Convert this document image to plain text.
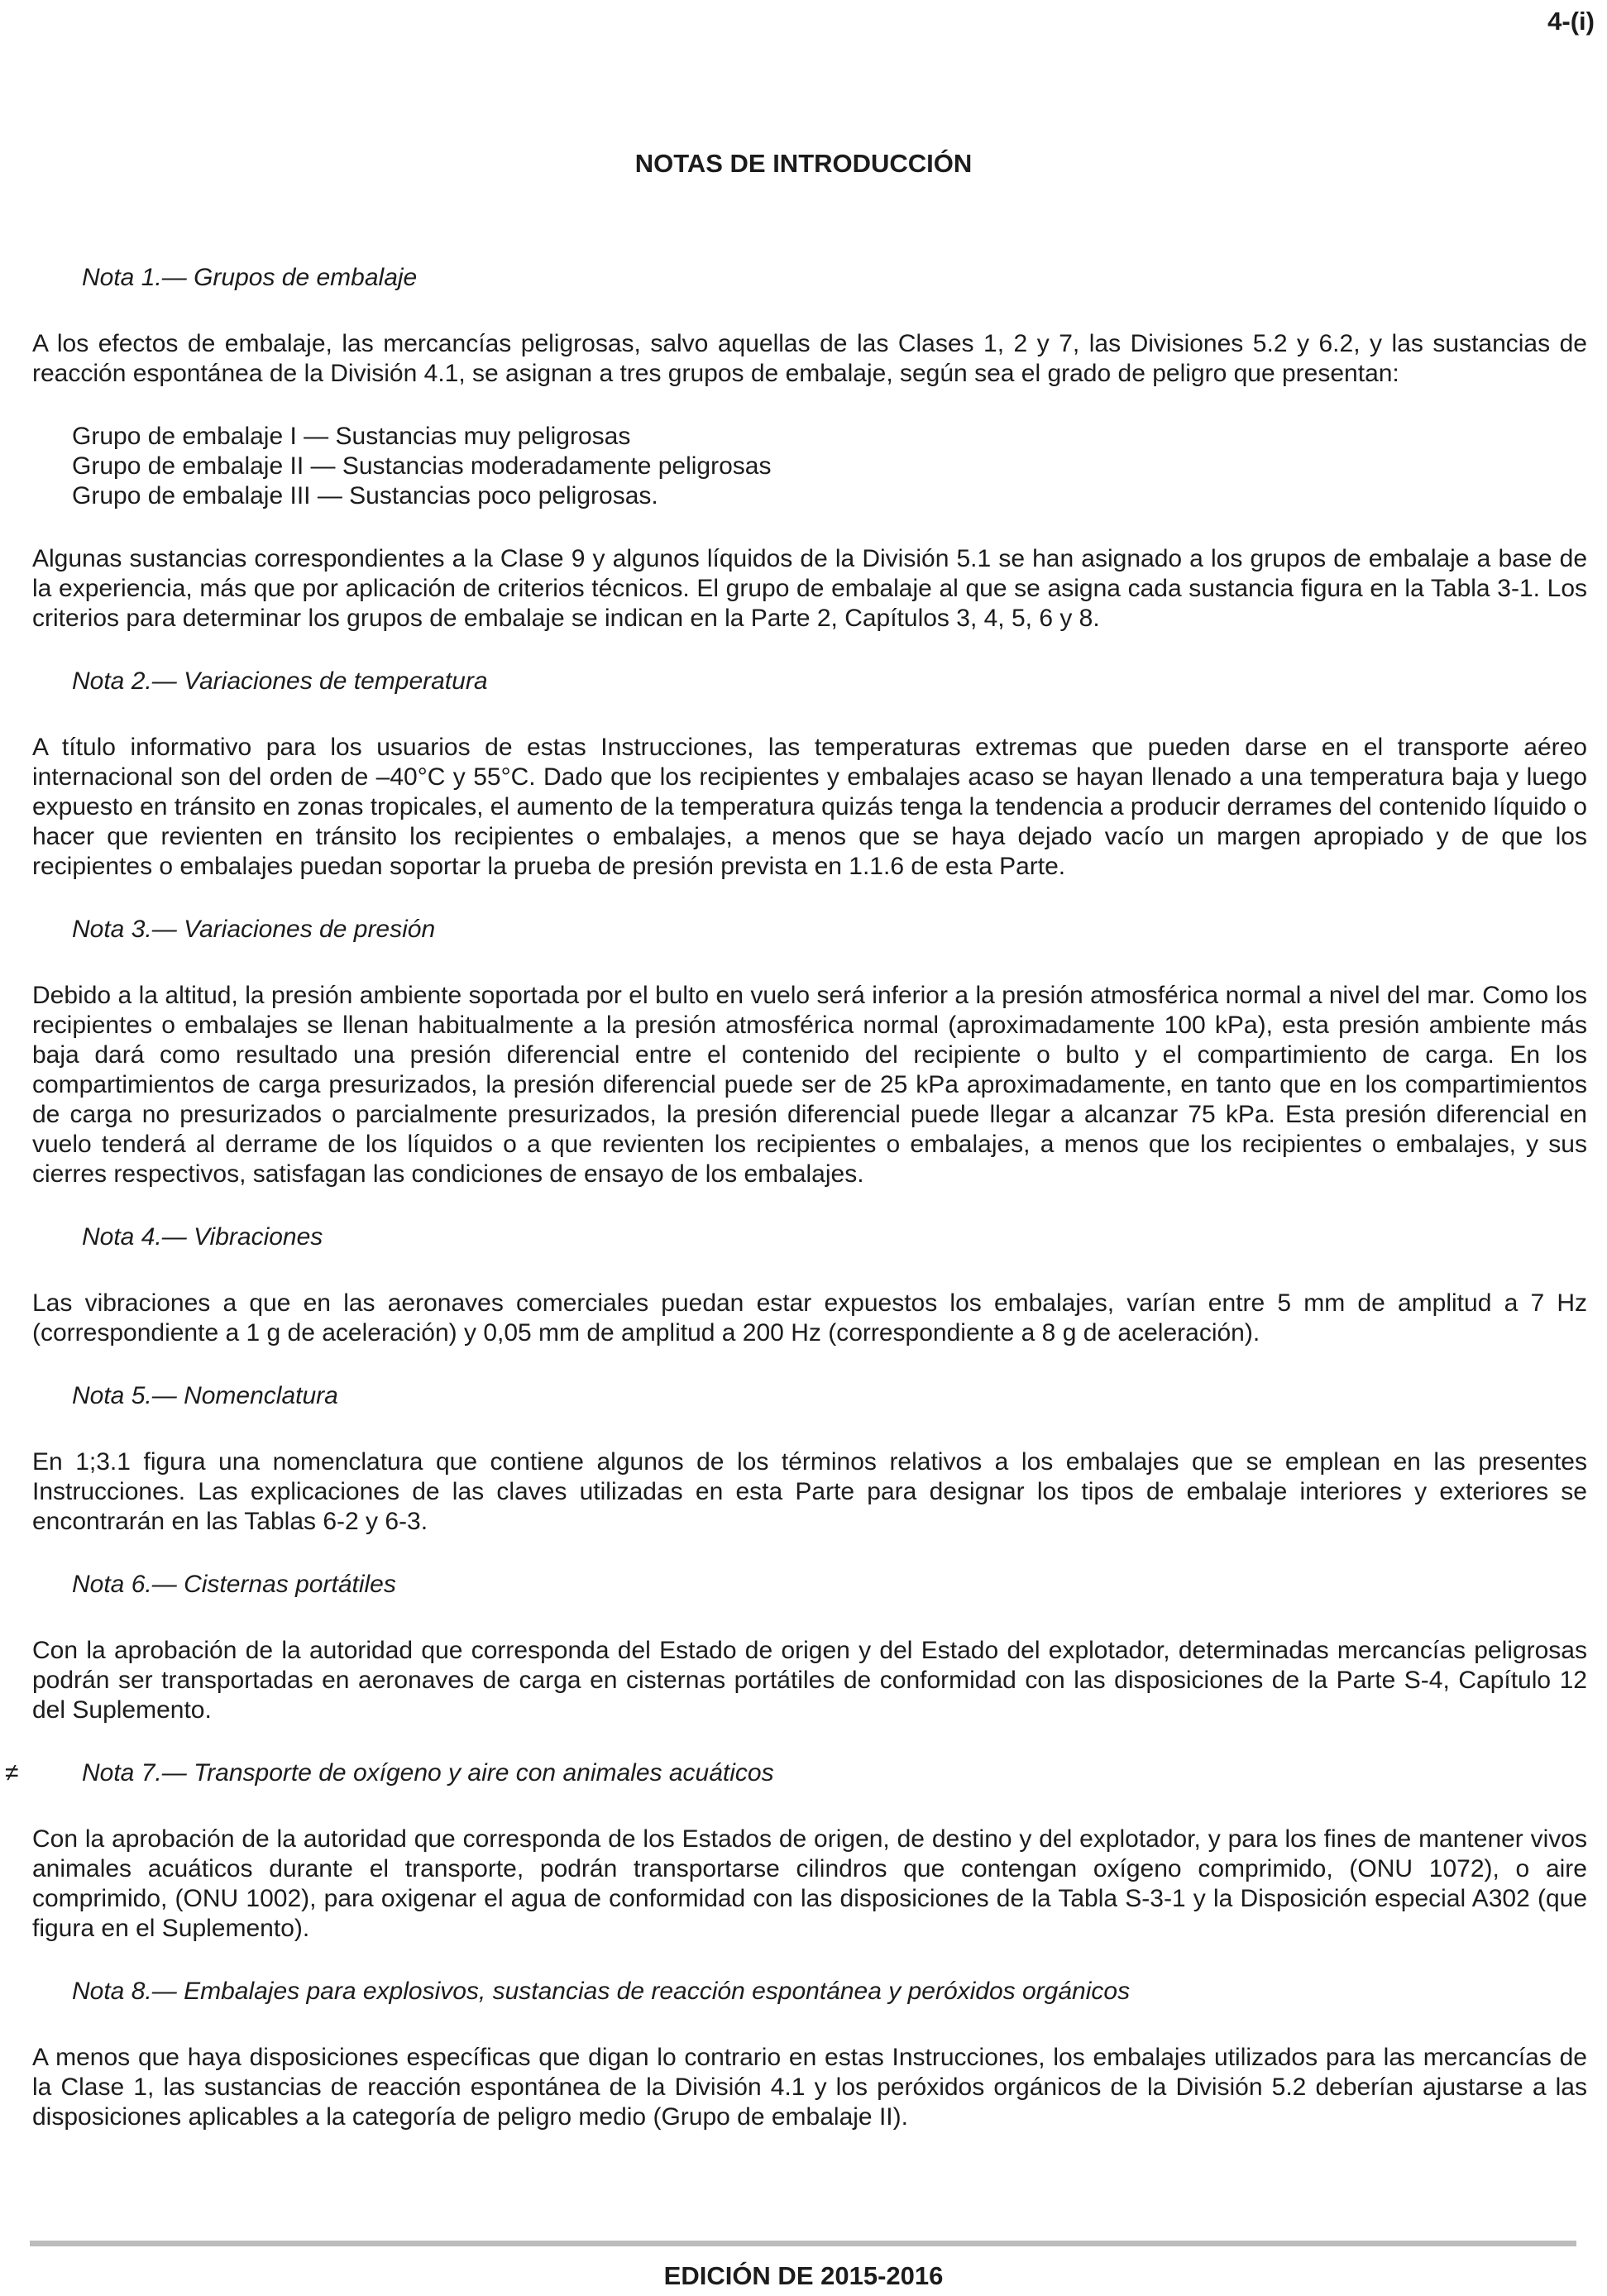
4-(i)
NOTAS DE INTRODUCCIÓN
Nota 1.— Grupos de embalaje

A los efectos de embalaje, las mercancías peligrosas, salvo aquellas de las Clases 1, 2 y 7, las Divisiones 5.2 y 6.2, y las sustancias de reacción espontánea de la División 4.1, se asignan a tres grupos de embalaje, según sea el grado de peligro que presentan:

Grupo de embalaje I — Sustancias muy peligrosas
Grupo de embalaje II — Sustancias moderadamente peligrosas
Grupo de embalaje III — Sustancias poco peligrosas.

Algunas sustancias correspondientes a la Clase 9 y algunos líquidos de la División 5.1 se han asignado a los grupos de embalaje a base de la experiencia, más que por aplicación de criterios técnicos. El grupo de embalaje al que se asigna cada sustancia figura en la Tabla 3-1. Los criterios para determinar los grupos de embalaje se indican en la Parte 2, Capítulos 3, 4, 5, 6 y 8.

Nota 2.— Variaciones de temperatura

A título informativo para los usuarios de estas Instrucciones, las temperaturas extremas que pueden darse en el transporte aéreo internacional son del orden de –40°C y 55°C. Dado que los recipientes y embalajes acaso se hayan llenado a una temperatura baja y luego expuesto en tránsito en zonas tropicales, el aumento de la temperatura quizás tenga la tendencia a producir derrames del contenido líquido o hacer que revienten en tránsito los recipientes o embalajes, a menos que se haya dejado vacío un margen apropiado y de que los recipientes o embalajes puedan soportar la prueba de presión prevista en 1.1.6 de esta Parte.

Nota 3.— Variaciones de presión

Debido a la altitud, la presión ambiente soportada por el bulto en vuelo será inferior a la presión atmosférica normal a nivel del mar. Como los recipientes o embalajes se llenan habitualmente a la presión atmosférica normal (aproximadamente 100 kPa), esta presión ambiente más baja dará como resultado una presión diferencial entre el contenido del recipiente o bulto y el compartimiento de carga. En los compartimientos de carga presurizados, la presión diferencial puede ser de 25 kPa aproximadamente, en tanto que en los compartimientos de carga no presurizados o parcialmente presurizados, la presión diferencial puede llegar a alcanzar 75 kPa. Esta presión diferencial en vuelo tenderá al derrame de los líquidos o a que revienten los recipientes o embalajes, a menos que los recipientes o embalajes, y sus cierres respectivos, satisfagan las condiciones de ensayo de los embalajes.

Nota 4.— Vibraciones

Las vibraciones a que en las aeronaves comerciales puedan estar expuestos los embalajes, varían entre 5 mm de amplitud a 7 Hz (correspondiente a 1 g de aceleración) y 0,05 mm de amplitud a 200 Hz (correspondiente a 8 g de aceleración).

Nota 5.— Nomenclatura

En 1;3.1 figura una nomenclatura que contiene algunos de los términos relativos a los embalajes que se emplean en las presentes Instrucciones. Las explicaciones de las claves utilizadas en esta Parte para designar los tipos de embalaje interiores y exteriores se encontrarán en las Tablas 6-2 y 6-3.

Nota 6.— Cisternas portátiles

Con la aprobación de la autoridad que corresponda del Estado de origen y del Estado del explotador, determinadas mercancías peligrosas podrán ser transportadas en aeronaves de carga en cisternas portátiles de conformidad con las disposiciones de la Parte S-4, Capítulo 12 del Suplemento.

≠	Nota 7.— Transporte de oxígeno y aire con animales acuáticos

Con la aprobación de la autoridad que corresponda de los Estados de origen, de destino y del explotador, y para los fines de mantener vivos animales acuáticos durante el transporte, podrán transportarse cilindros que contengan oxígeno comprimido, (ONU 1072), o aire comprimido, (ONU 1002), para oxigenar el agua de conformidad con las disposiciones de la Tabla S-3-1 y la Disposición especial A302 (que figura en el Suplemento).

Nota 8.— Embalajes para explosivos, sustancias de reacción espontánea y peróxidos orgánicos

A menos que haya disposiciones específicas que digan lo contrario en estas Instrucciones, los embalajes utilizados para las mercancías de la Clase 1, las sustancias de reacción espontánea de la División 4.1 y los peróxidos orgánicos de la División 5.2 deberían ajustarse a las disposiciones aplicables a la categoría de peligro medio (Grupo de embalaje II).

EDICIÓN DE 2015-2016
